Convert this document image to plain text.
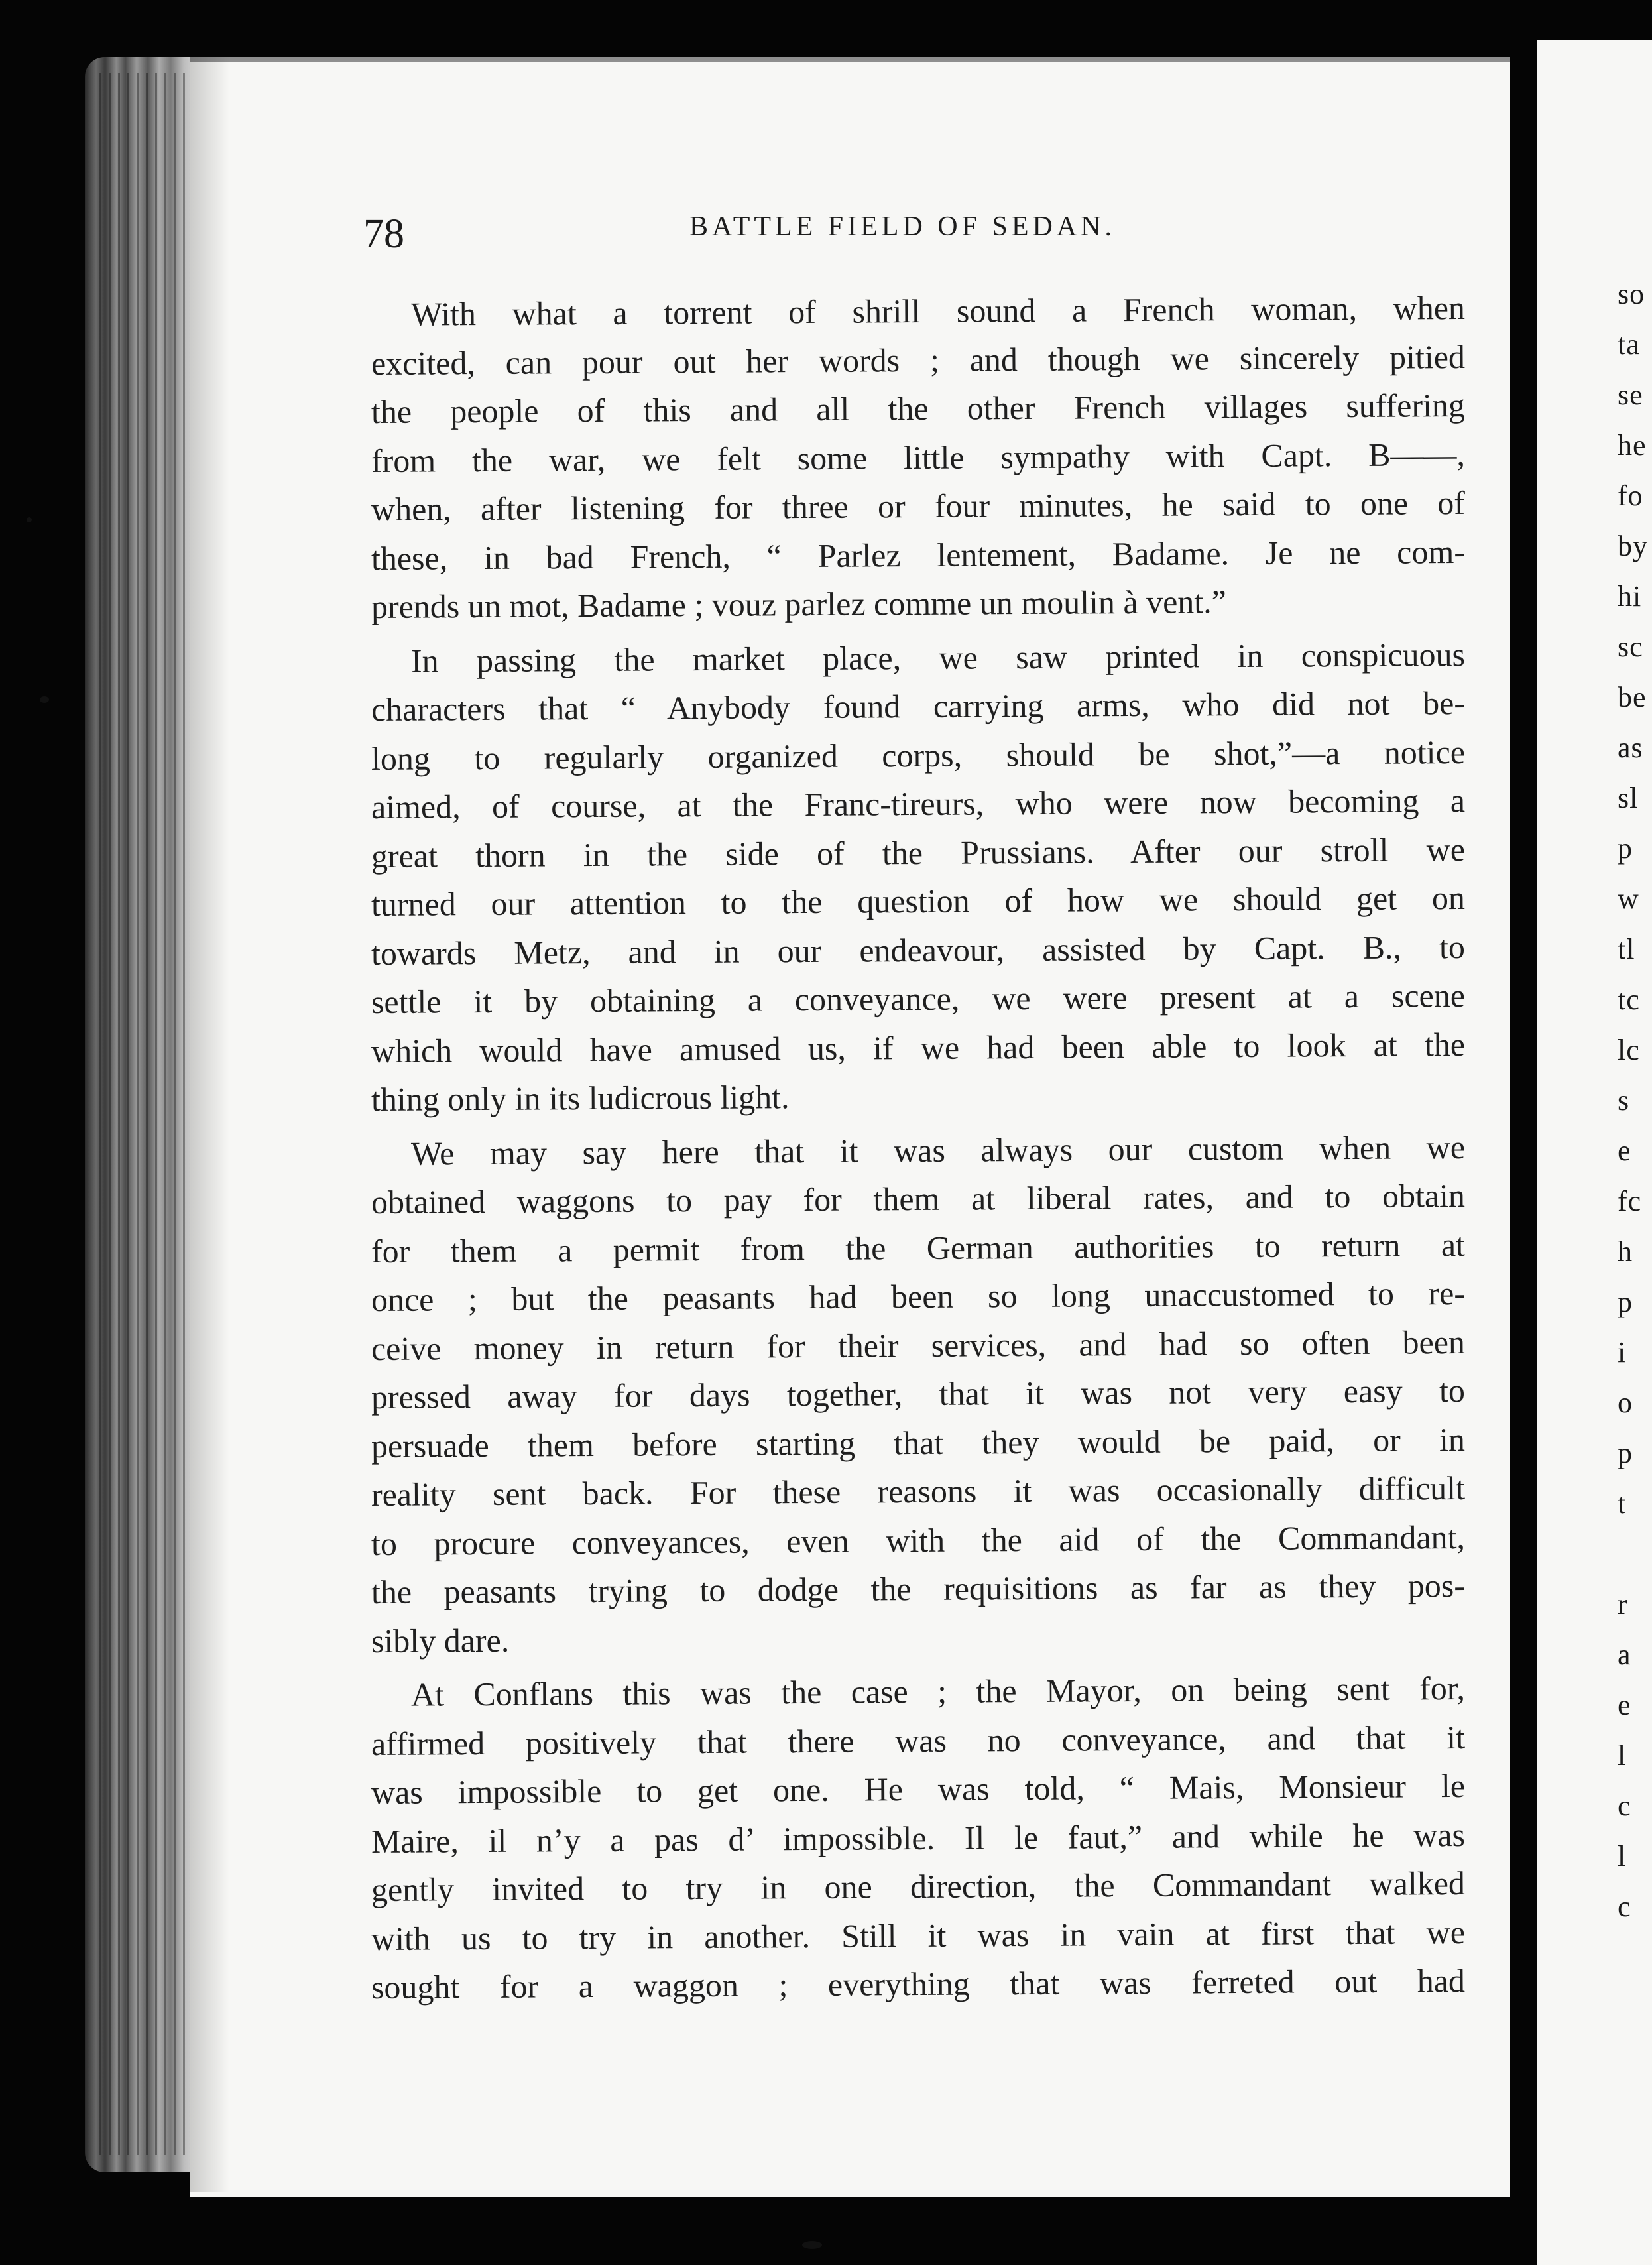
78	BATTLE FIELD OF SEDAN.
With what a torrent of shrill sound a French woman, when
excited, can pour out her words ; and though we sincerely pitied
the people of this and all the other French villages suffering
from the war, we felt some little sympathy with Capt. B——,
when, after listening for three or four minutes, he said to one of
these, in bad French, “ Parlez lentement, Badame. Je ne com-
prends un mot, Badame ; vouz parlez comme un moulin à vent.”
In passing the market place, we saw printed in conspicuous
characters that “ Anybody found carrying arms, who did not be-
long to regularly organized corps, should be shot,”—a notice
aimed, of course, at the Franc-tireurs, who were now becoming a
great thorn in the side of the Prussians. After our stroll we
turned our attention to the question of how we should get on
towards Metz, and in our endeavour, assisted by Capt. B., to
settle it by obtaining a conveyance, we were present at a scene
which would have amused us, if we had been able to look at the
thing only in its ludicrous light.
We may say here that it was always our custom when we
obtained waggons to pay for them at liberal rates, and to obtain
for them a permit from the German authorities to return at
once ; but the peasants had been so long unaccustomed to re-
ceive money in return for their services, and had so often been
pressed away for days together, that it was not very easy to
persuade them before starting that they would be paid, or in
reality sent back. For these reasons it was occasionally difficult
to procure conveyances, even with the aid of the Commandant,
the peasants trying to dodge the requisitions as far as they pos-
sibly dare.
At Conflans this was the case ; the Mayor, on being sent for,
affirmed positively that there was no conveyance, and that it
was impossible to get one. He was told, “ Mais, Monsieur le
Maire, il n’y a pas d’ impossible. Il le faut,” and while he was
gently invited to try in one direction, the Commandant walked
with us to try in another. Still it was in vain at first that we
sought for a waggon ; everything that was ferreted out had
so
ta
se
he
fo
by
hi
sc
be
as
sl
p
w
tl
tc
lc
s
e
fc
h
p
i
o
p
t
r
a
e
l
c
l
c
